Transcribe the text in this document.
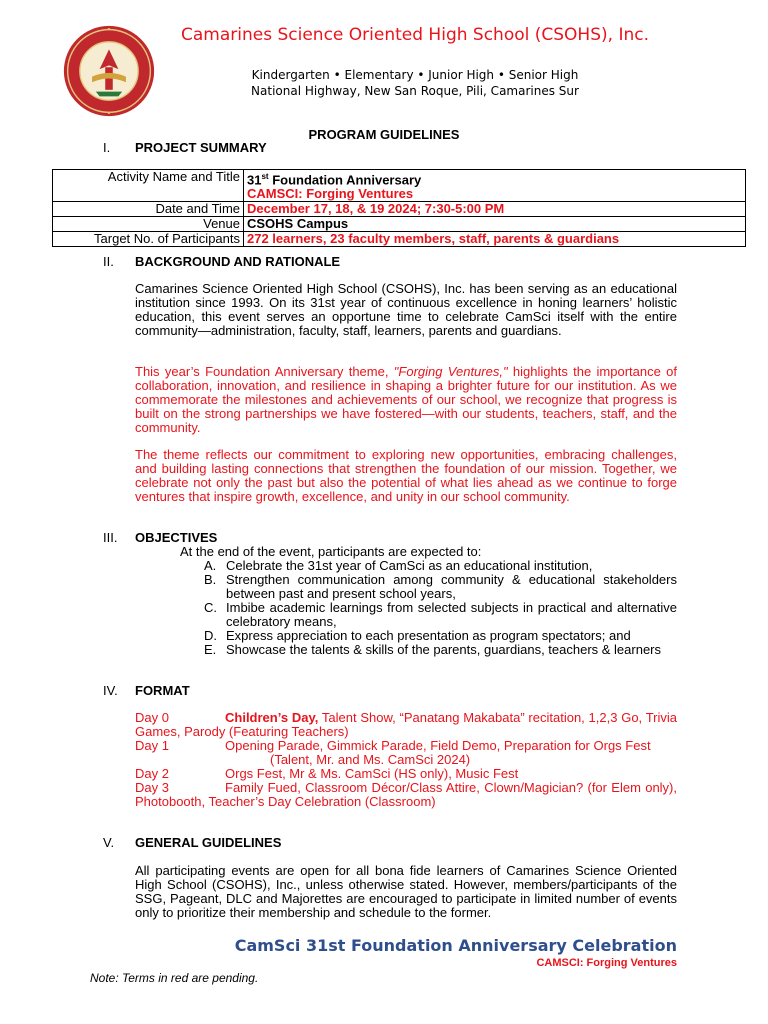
Camarines Science Oriented High School (CSOHS), Inc.
Kindergarten • Elementary • Junior High • Senior High
National Highway, New San Roque, Pili, Camarines Sur
PROGRAM GUIDELINES
I.	PROJECT SUMMARY
Activity Name and Title	31st Foundation Anniversary
CAMSCI: Forging Ventures
Date and Time	December 17, 18, & 19 2024; 7:30-5:00 PM
Venue	CSOHS Campus
Target No. of Participants	272 learners, 23 faculty members, staff, parents & guardians
II.	BACKGROUND AND RATIONALE
Camarines Science Oriented High School (CSOHS), Inc. has been serving as an educational institution since 1993. On its 31st year of continuous excellence in honing learners’ holistic education, this event serves an opportune time to celebrate CamSci itself with the entire community—administration, faculty, staff, learners, parents and guardians.
This year’s Foundation Anniversary theme, "Forging Ventures," highlights the importance of collaboration, innovation, and resilience in shaping a brighter future for our institution. As we commemorate the milestones and achievements of our school, we recognize that progress is built on the strong partnerships we have fostered—with our students, teachers, staff, and the community.
The theme reflects our commitment to exploring new opportunities, embracing challenges, and building lasting connections that strengthen the foundation of our mission. Together, we celebrate not only the past but also the potential of what lies ahead as we continue to forge ventures that inspire growth, excellence, and unity in our school community.
III.	OBJECTIVES
At the end of the event, participants are expected to:
A. Celebrate the 31st year of CamSci as an educational institution,
B. Strengthen communication among community & educational stakeholders between past and present school years,
C. Imbibe academic learnings from selected subjects in practical and alternative celebratory means,
D. Express appreciation to each presentation as program spectators; and
E. Showcase the talents & skills of the parents, guardians, teachers & learners
IV.	FORMAT
Day 0	Children’s Day, Talent Show, “Panatang Makabata” recitation, 1,2,3 Go, Trivia Games, Parody (Featuring Teachers)
Day 1	Opening Parade, Gimmick Parade, Field Demo, Preparation for Orgs Fest
(Talent, Mr. and Ms. CamSci 2024)
Day 2	Orgs Fest, Mr & Ms. CamSci (HS only), Music Fest
Day 3	Family Fued, Classroom Décor/Class Attire, Clown/Magician? (for Elem only), Photobooth, Teacher’s Day Celebration (Classroom)
V.	GENERAL GUIDELINES
All participating events are open for all bona fide learners of Camarines Science Oriented High School (CSOHS), Inc., unless otherwise stated. However, members/participants of the SSG, Pageant, DLC and Majorettes are encouraged to participate in limited number of events only to prioritize their membership and schedule to the former.
CamSci 31st Foundation Anniversary Celebration
CAMSCI: Forging Ventures
Note: Terms in red are pending.
